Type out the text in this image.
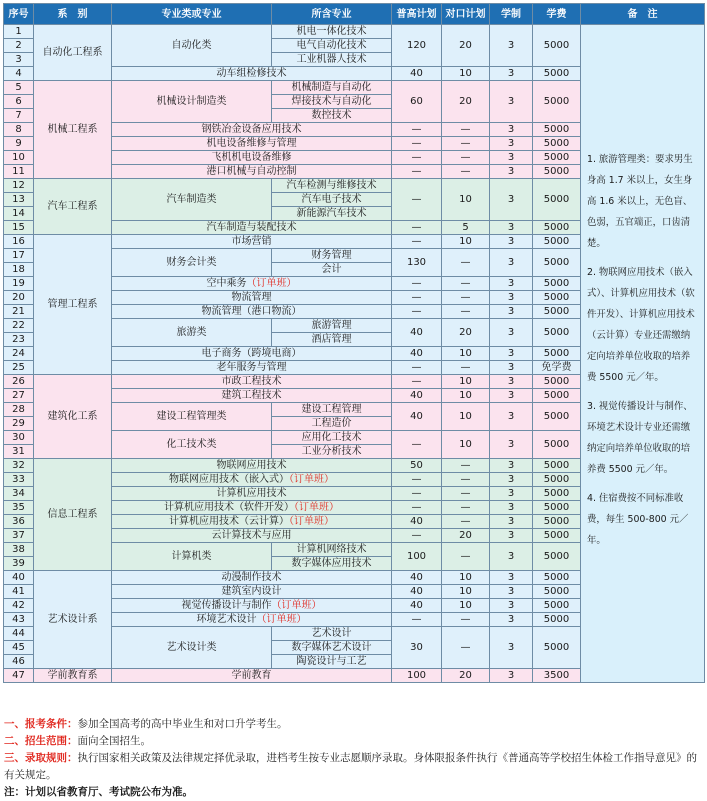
序号	系　别	专业类或专业	所含专业	普高计划	对口计划	学制	学费	备　注
1	自动化工程系	自动化类	机电一体化技术	120	20	3	5000	1. 旅游管理类：要求男生身高 1.7 米以上，女生身高 1.6 米以上，无色盲、色弱，五官端正，口齿清楚。

2. 物联网应用技术（嵌入式）、计算机应用技术（软件开发）、计算机应用技术（云计算）专业还需缴纳定向培养单位收取的培养费 5500 元／年。

3. 视觉传播设计与制作、环境艺术设计专业还需缴纳定向培养单位收取的培养费 5500 元／年。

4. 住宿费按不同标准收费，每生 500-800 元／年。

2			电气自动化技术					
3			工业机器人技术					
4		动车组检修技术		40	10	3	5000	
5	机械工程系	机械设计制造类	机械制造与自动化	60	20	3	5000	
6			焊接技术与自动化					
7			数控技术					
8		钢铁冶金设备应用技术		—	—	3	5000	
9		机电设备维修与管理		—	—	3	5000	
10		飞机机电设备维修		—	—	3	5000	
11		港口机械与自动控制		—	—	3	5000	
12	汽车工程系	汽车制造类	汽车检测与维修技术	—	10	3	5000	
13			汽车电子技术					
14			新能源汽车技术					
15		汽车制造与装配技术		—	5	3	5000	
16	管理工程系	市场营销		—	10	3	5000	
17		财务会计类	财务管理	130	—	3	5000	
18			会计					
19		空中乘务（订单班）		—	—	3	5000	
20		物流管理		—	—	3	5000	
21		物流管理（港口物流）		—	—	3	5000	
22		旅游类	旅游管理	40	20	3	5000	
23			酒店管理					
24		电子商务（跨境电商）		40	10	3	5000	
25		老年服务与管理		—	—	3	免学费	
26	建筑化工系	市政工程技术		—	10	3	5000	
27		建筑工程技术		40	10	3	5000	
28		建设工程管理类	建设工程管理	40	10	3	5000	
29			工程造价					
30		化工技术类	应用化工技术	—	10	3	5000	
31			工业分析技术					
32	信息工程系	物联网应用技术		50	—	3	5000	
33		物联网应用技术（嵌入式）（订单班）		—	—	3	5000	
34		计算机应用技术		—	—	3	5000	
35		计算机应用技术（软件开发）（订单班）		—	—	3	5000	
36		计算机应用技术（云计算）（订单班）		40	—	3	5000	
37		云计算技术与应用		—	20	3	5000	
38		计算机类	计算机网络技术	100	—	3	5000	
39			数字媒体应用技术					
40	艺术设计系	动漫制作技术		40	10	3	5000	
41		建筑室内设计		40	10	3	5000	
42		视觉传播设计与制作（订单班）		40	10	3	5000	
43		环境艺术设计（订单班）		—	—	3	5000	
44		艺术设计类	艺术设计	30	—	3	5000	
45			数字媒体艺术设计					
46			陶瓷设计与工艺					
47	学前教育系	学前教育		100	20	3	3500	
一、报考条件：参加全国高考的高中毕业生和对口升学考生。
二、招生范围：面向全国招生。
三、录取规则：执行国家相关政策及法律规定择优录取，进档考生按专业志愿顺序录取。身体限报条件执行《普通高等学校招生体检工作指导意见》的有关规定。
注：计划以省教育厅、考试院公布为准。
